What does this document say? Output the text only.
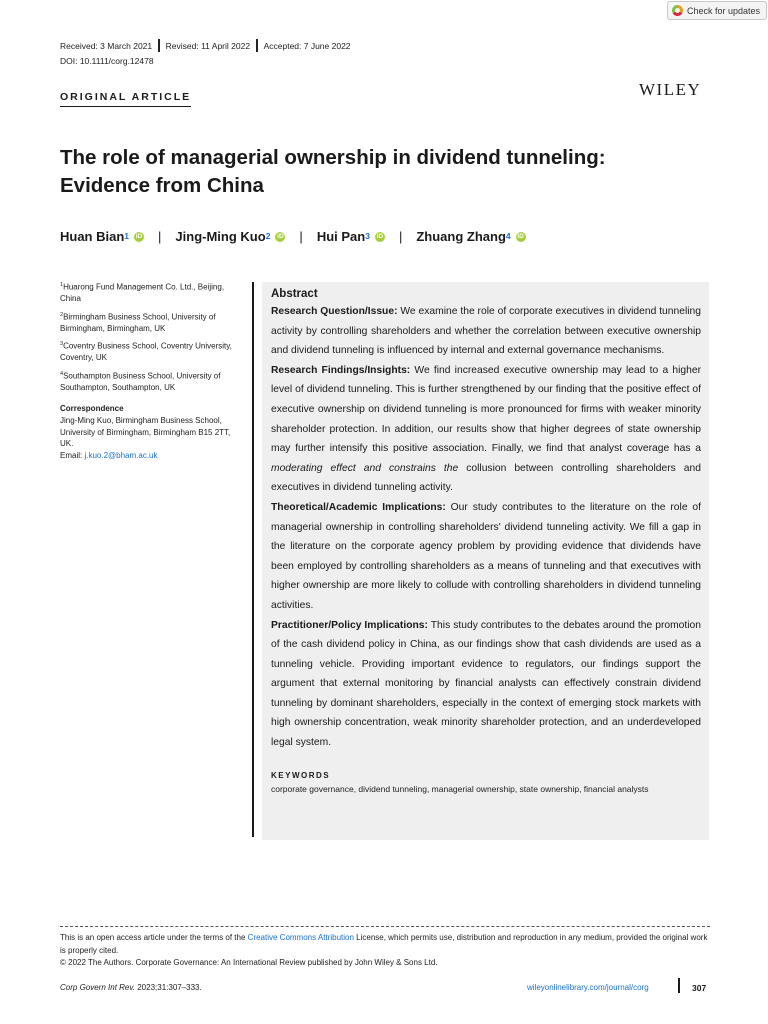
Check for updates
Received: 3 March 2021 Revised: 11 April 2022 Accepted: 7 June 2022
DOI: 10.1111/corg.12478
ORIGINAL ARTICLE	WILEY
The role of managerial ownership in dividend tunneling:
Evidence from China
Huan Bian$^1$ iD | Jing-Ming Kuo$^2$ iD | Hui Pan$^3$ iD | Zhuang Zhang$^4$ iD

$^1$Huarong Fund Management Co. Ltd., Beijing, China

$^2$Birmingham Business School, University of Birmingham, Birmingham, UK

$^3$Coventry Business School, Coventry University, Coventry, UK

$^4$Southampton Business School, University of Southampton, Southampton, UK

Correspondence

Jing-Ming Kuo, Birmingham Business School, University of Birmingham, Birmingham B15 2TT, UK.

Email: j.kuo.2@bham.ac.uk

Abstract

Research Question/Issue: We examine the role of corporate executives in dividend tunneling activity by controlling shareholders and whether the correlation between executive ownership and dividend tunneling is influenced by internal and external governance mechanisms.

Research Findings/Insights: We find increased executive ownership may lead to a higher level of dividend tunneling. This is further strengthened by our finding that the positive effect of executive ownership on dividend tunneling is more pronounced for firms with weaker minority shareholder protection. In addition, our results show that higher degrees of state ownership may further intensify this positive association. Finally, we find that analyst coverage has a moderating effect and constrains the collusion between controlling shareholders and executives in dividend tunneling activity.

Theoretical/Academic Implications: Our study contributes to the literature on the role of managerial ownership in controlling shareholders' dividend tunneling activity. We fill a gap in the literature on the corporate agency problem by providing evidence that dividends have been employed by controlling shareholders as a means of tunneling and that executives with higher ownership are more likely to collude with controlling shareholders in dividend tunneling activities.

Practitioner/Policy Implications: This study contributes to the debates around the promotion of the cash dividend policy in China, as our findings show that cash dividends are used as a tunneling vehicle. Providing important evidence to regulators, our findings support the argument that external monitoring by financial analysts can effectively constrain dividend tunneling by dominant shareholders, especially in the context of emerging stock markets with high ownership concentration, weak minority shareholder protection, and an underdeveloped legal system.

KEYWORDS
corporate governance, dividend tunneling, managerial ownership, state ownership, financial analysts
This is an open access article under the terms of the Creative Commons Attribution License, which permits use, distribution and reproduction in any medium, provided the original work is properly cited.
© 2022 The Authors. Corporate Governance: An International Review published by John Wiley & Sons Ltd.
Corp Govern Int Rev. 2023;31:307–333.	wileyonlinelibrary.com/journal/corg	307
